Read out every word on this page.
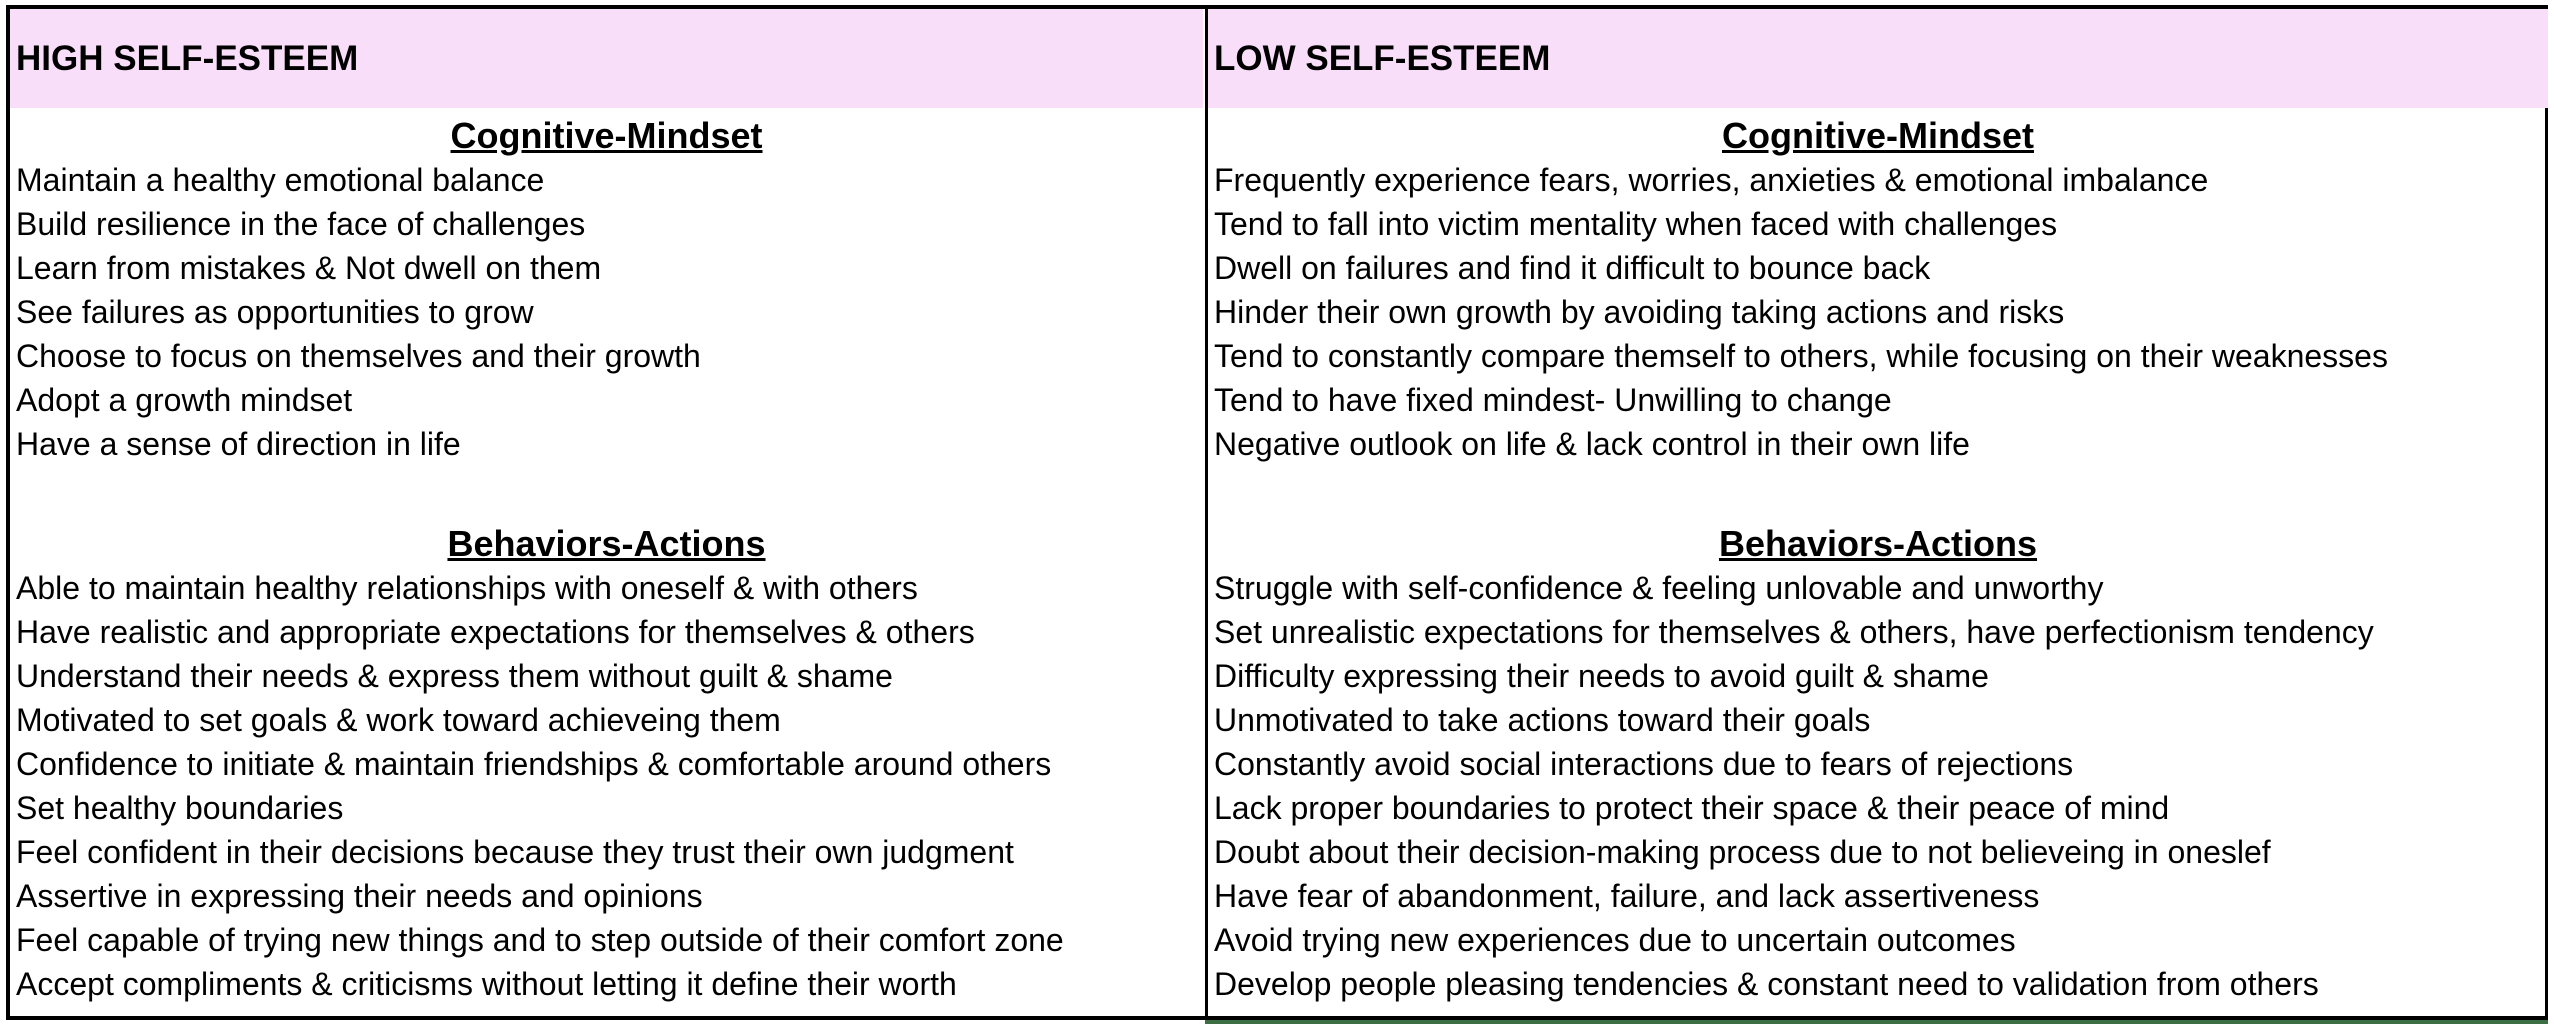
HIGH SELF-ESTEEM
Cognitive-Mindset
Maintain a healthy emotional balance
Build resilience in the face of challenges
Learn from mistakes & Not dwell on them
See failures as opportunities to grow
Choose to focus on themselves and their growth
Adopt a growth mindset
Have a sense of direction in life
Behaviors-Actions
Able to maintain healthy relationships with oneself & with others
Have realistic and appropriate expectations for themselves & others
Understand their needs & express them without guilt & shame
Motivated to set goals & work toward achieveing them
Confidence to initiate & maintain friendships & comfortable around others
Set healthy boundaries
Feel confident in their decisions because they trust their own judgment
Assertive in expressing their needs and opinions
Feel capable of trying new things and to step outside of their comfort zone
Accept compliments & criticisms without letting it define their worth
LOW SELF-ESTEEM
Cognitive-Mindset
Frequently experience fears, worries, anxieties & emotional imbalance
Tend to fall into victim mentality when faced with challenges
Dwell on failures and find it difficult to bounce back
Hinder their own growth by avoiding taking actions and risks
Tend to constantly compare themself to others, while focusing on their weaknesses
Tend to have fixed mindest- Unwilling to change
Negative outlook on life & lack control in their own life
Behaviors-Actions
Struggle with self-confidence & feeling unlovable and unworthy
Set unrealistic expectations for themselves & others, have perfectionism tendency
Difficulty expressing their needs to avoid guilt & shame
Unmotivated to take actions toward their goals
Constantly avoid social interactions due to fears of rejections
Lack proper boundaries to protect their space & their peace of mind
Doubt about their decision-making process due to not believeing in oneslef
Have fear of abandonment, failure, and lack assertiveness
Avoid trying new experiences due to uncertain outcomes
Develop people pleasing tendencies & constant need to validation from others
